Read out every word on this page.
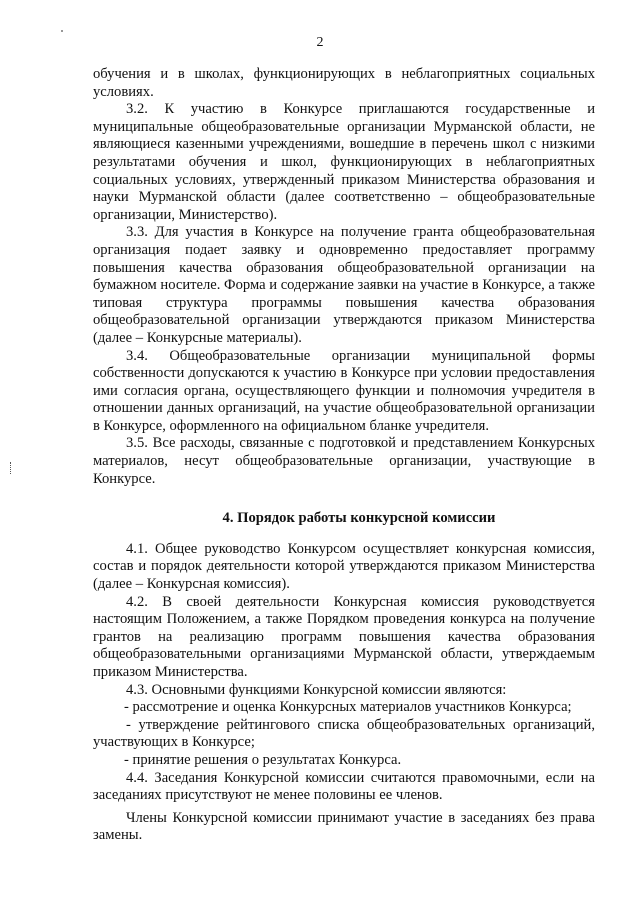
2

обучения и в школах, функционирующих в неблагоприятных социальных условиях.

3.2. К участию в Конкурсе приглашаются государственные и муниципальные общеобразовательные организации Мурманской области, не являющиеся казенными учреждениями, вошедшие в перечень школ с низкими результатами обучения и школ, функционирующих в неблагоприятных социальных условиях, утвержденный приказом Министерства образования и науки Мурманской области (далее соответственно – общеобразовательные организации, Министерство).

3.3. Для участия в Конкурсе на получение гранта общеобразовательная организация подает заявку и одновременно предоставляет программу повышения качества образования общеобразовательной организации на бумажном носителе. Форма и содержание заявки на участие в Конкурсе, а также типовая структура программы повышения качества образования общеобразовательной организации утверждаются приказом Министерства (далее – Конкурсные материалы).

3.4. Общеобразовательные организации муниципальной формы собственности допускаются к участию в Конкурсе при условии предоставления ими согласия органа, осуществляющего функции и полномочия учредителя в отношении данных организаций, на участие общеобразовательной организации в Конкурсе, оформленного на официальном бланке учредителя.

3.5. Все расходы, связанные с подготовкой и представлением Конкурсных материалов, несут общеобразовательные организации, участвующие в Конкурсе.

4. Порядок работы конкурсной комиссии

4.1. Общее руководство Конкурсом осуществляет конкурсная комиссия, состав и порядок деятельности которой утверждаются приказом Министерства (далее – Конкурсная комиссия).

4.2. В своей деятельности Конкурсная комиссия руководствуется настоящим Положением, а также Порядком проведения конкурса на получение грантов на реализацию программ повышения качества образования общеобразовательными организациями Мурманской области, утверждаемым приказом Министерства.

4.3. Основными функциями Конкурсной комиссии являются:

- рассмотрение и оценка Конкурсных материалов участников Конкурса;

- утверждение рейтингового списка общеобразовательных организаций, участвующих в Конкурсе;

- принятие решения о результатах Конкурса.

4.4. Заседания Конкурсной комиссии считаются правомочными, если на заседаниях присутствуют не менее половины ее членов.

Члены Конкурсной комиссии принимают участие в заседаниях без права замены.
